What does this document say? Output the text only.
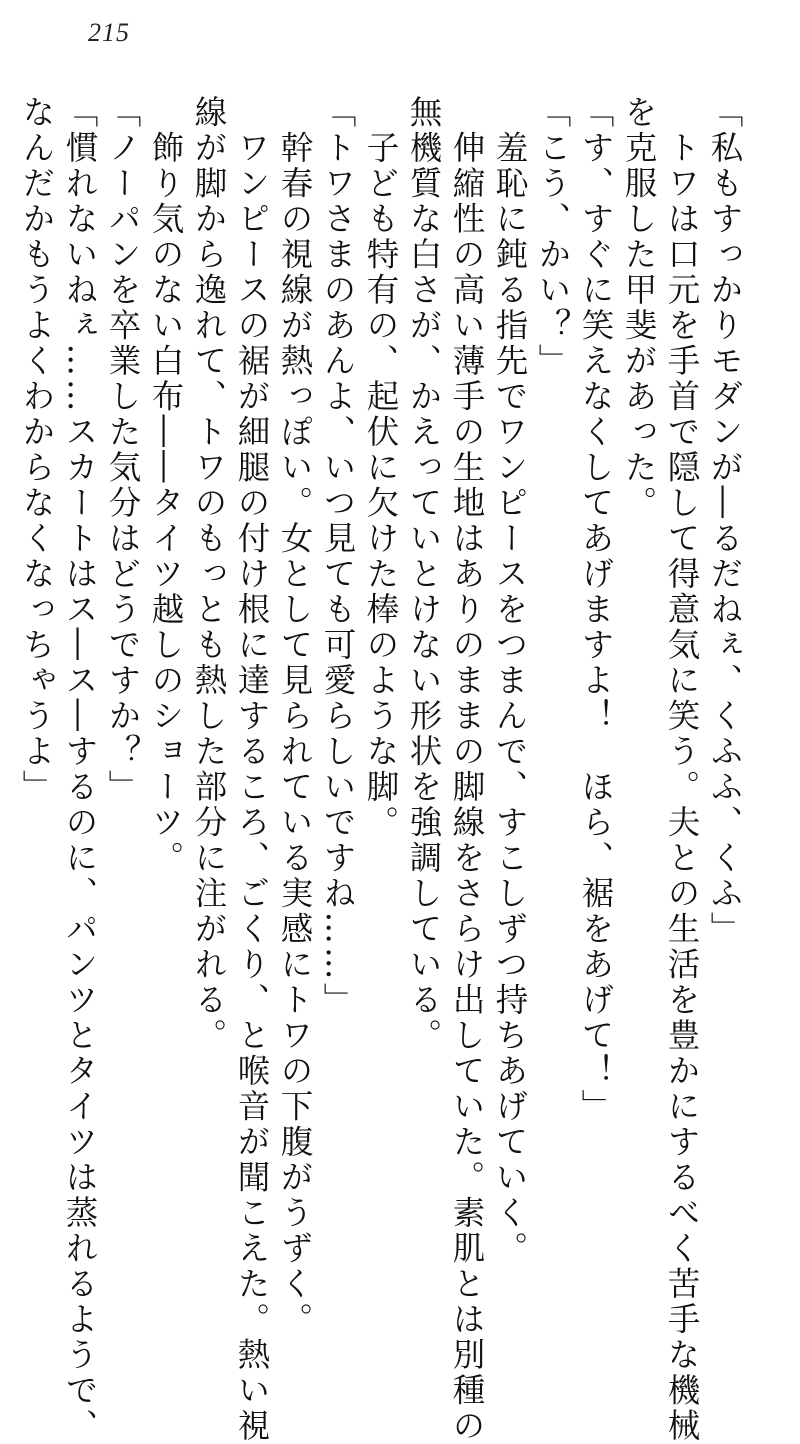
215
「私もすっかりモダンが―るだねぇ、くふふ、くふ」
　トワは口元を手首で隠して得意気に笑う。夫との生活を豊かにするべく苦手な機械
を克服した甲斐があった。
「す、すぐに笑えなくしてあげますよ！　ほら、裾をあげて！」
「こう、かい？」
　羞恥に鈍る指先でワンピースをつまんで、すこしずつ持ちあげていく。
　伸縮性の高い薄手の生地はありのままの脚線をさらけ出していた。素肌とは別種の
無機質な白さが、かえっていとけない形状を強調している。
　子ども特有の、起伏に欠けた棒のような脚。
「トワさまのあんよ、いつ見ても可愛らしいですね……」
　幹春の視線が熱っぽい。女として見られている実感にトワの下腹がうずく。
　ワンピースの裾が細腿の付け根に達するころ、ごくり、と喉音が聞こえた。熱い視
線が脚から逸れて、トワのもっとも熱した部分に注がれる。
　飾り気のない白布――タイツ越しのショーツ。
「ノーパンを卒業した気分はどうですか？」
「慣れないねぇ……スカートはス―ス―するのに、パンツとタイツは蒸れるようで、
なんだかもうよくわからなくなっちゃうよ」
